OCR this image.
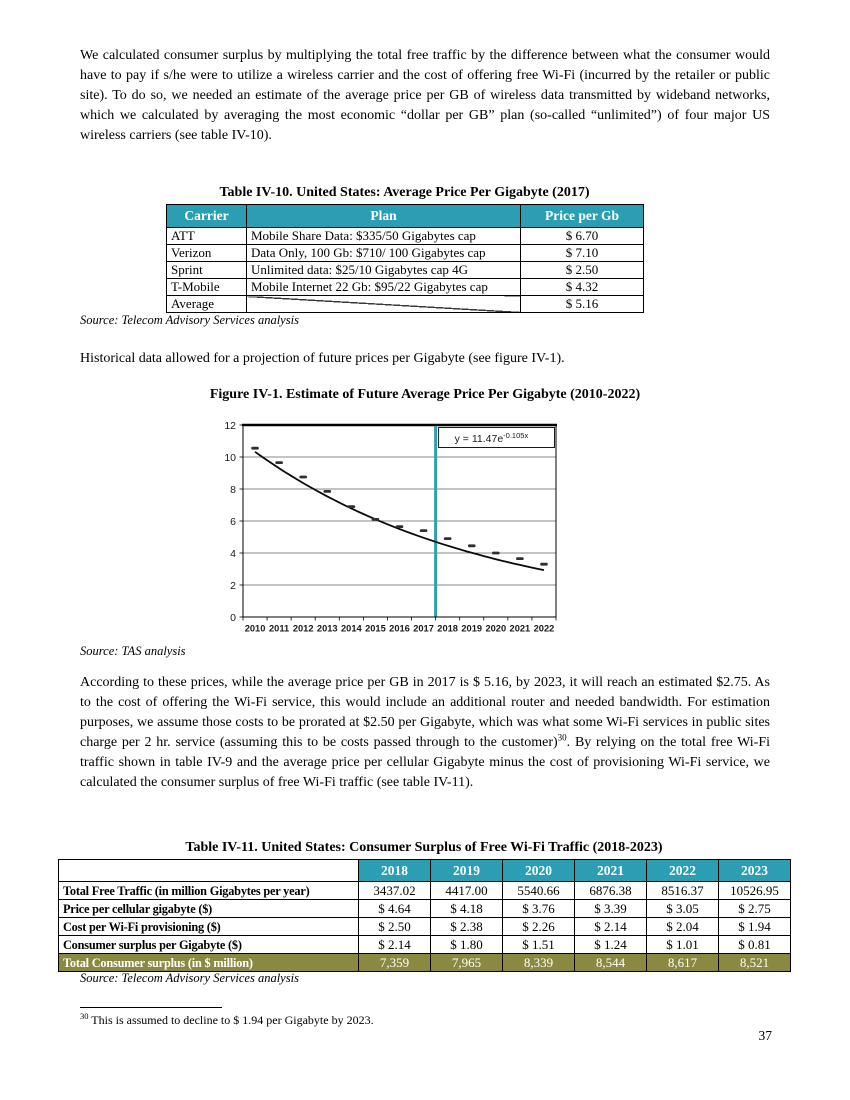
We calculated consumer surplus by multiplying the total free traffic by the difference between what the consumer would have to pay if s/he were to utilize a wireless carrier and the cost of offering free Wi-Fi (incurred by the retailer or public site). To do so, we needed an estimate of the average price per GB of wireless data transmitted by wideband networks, which we calculated by averaging the most economic “dollar per GB” plan (so-called “unlimited”) of four major US wireless carriers (see table IV-10).

Table IV-10. United States: Average Price Per Gigabyte (2017)
Carrier	Plan	Price per Gb
ATT	Mobile Share Data: $335/50 Gigabytes cap	$ 6.70
Verizon	Data Only, 100 Gb: $710/ 100 Gigabytes cap	$ 7.10
Sprint	Unlimited data: $25/10 Gigabytes cap 4G	$ 2.50
T-Mobile	Mobile Internet 22 Gb: $95/22 Gigabytes cap	$ 4.32
Average		$ 5.16
Source: Telecom Advisory Services analysis

Historical data allowed for a projection of future prices per Gigabyte (see figure IV-1).

Figure IV-1. Estimate of Future Average Price Per Gigabyte (2010-2022)
$y = 11.47e^{-0.105x}$
0
2
4
6
8
10
12
2010 2011 2012 2013 2014 2015 2016 2017 2018 2019 2020 2021 2022
Source: TAS analysis

According to these prices, while the average price per GB in 2017 is $ 5.16, by 2023, it will reach an estimated $2.75. As to the cost of offering the Wi-Fi service, this would include an additional router and needed bandwidth. For estimation purposes, we assume those costs to be prorated at $2.50 per Gigabyte, which was what some Wi-Fi services in public sites charge per 2 hr. service (assuming this to be costs passed through to the customer)$^{30}$. By relying on the total free Wi-Fi traffic shown in table IV-9 and the average price per cellular Gigabyte minus the cost of provisioning Wi-Fi service, we calculated the consumer surplus of free Wi-Fi traffic (see table IV-11).

Table IV-11. United States: Consumer Surplus of Free Wi-Fi Traffic (2018-2023)
	2018	2019	2020	2021	2022	2023
Total Free Traffic (in million Gigabytes per year)	3437.02	4417.00	5540.66	6876.38	8516.37	10526.95
Price per cellular gigabyte ($)	$ 4.64	$ 4.18	$ 3.76	$ 3.39	$ 3.05	$ 2.75
Cost per Wi-Fi provisioning ($)	$ 2.50	$ 2.38	$ 2.26	$ 2.14	$ 2.04	$ 1.94
Consumer surplus per Gigabyte ($)	$ 2.14	$ 1.80	$ 1.51	$ 1.24	$ 1.01	$ 0.81
Total Consumer surplus (in $ million)	7,359	7,965	8,339	8,544	8,617	8,521
Source: Telecom Advisory Services analysis
$^{30}$ This is assumed to decline to $ 1.94 per Gigabyte by 2023.
37
